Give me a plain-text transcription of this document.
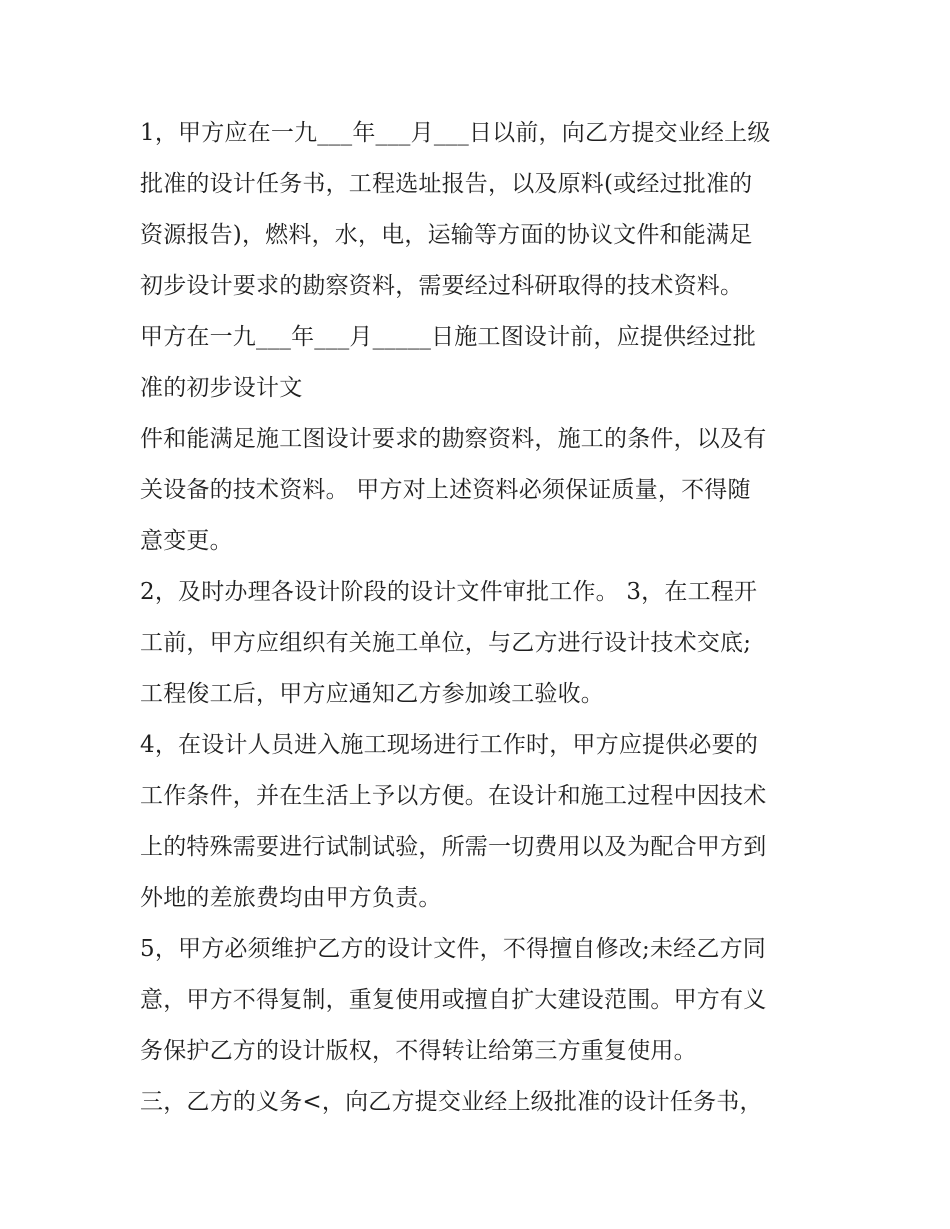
1，甲方应在一九___年___月___日以前，向乙方提交业经上级
批准的设计任务书，工程选址报告，以及原料(或经过批准的
资源报告)，燃料，水，电，运输等方面的协议文件和能满足
初步设计要求的勘察资料，需要经过科研取得的技术资料。
甲方在一九___年___月_____日施工图设计前，应提供经过批
准的初步设计文
件和能满足施工图设计要求的勘察资料，施工的条件，以及有
关设备的技术资料。 甲方对上述资料必须保证质量，不得随
意变更。
2，及时办理各设计阶段的设计文件审批工作。 3，在工程开
工前，甲方应组织有关施工单位，与乙方进行设计技术交底;
工程俊工后，甲方应通知乙方参加竣工验收。
4，在设计人员进入施工现场进行工作时，甲方应提供必要的
工作条件，并在生活上予以方便。在设计和施工过程中因技术
上的特殊需要进行试制试验，所需一切费用以及为配合甲方到
外地的差旅费均由甲方负责。
5，甲方必须维护乙方的设计文件，不得擅自修改;未经乙方同
意，甲方不得复制，重复使用或擅自扩大建设范围。甲方有义
务保护乙方的设计版权，不得转让给第三方重复使用。
三，乙方的义务<，向乙方提交业经上级批准的设计任务书，
